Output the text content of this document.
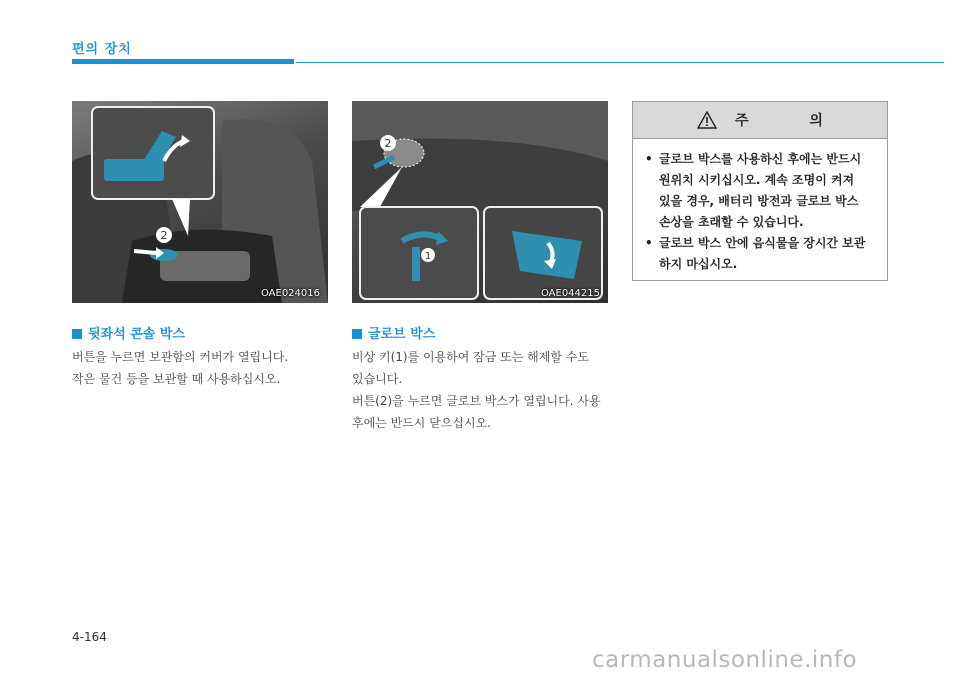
편의 장치
2
OAE024016
2
1
OAE044215
주 의
• 글로브 박스를 사용하신 후에는 반드시
원위치 시키십시오. 계속 조명이 켜져
있을 경우, 배터리 방전과 글로브 박스
손상을 초래할 수 있습니다.
• 글로브 박스 안에 음식물을 장시간 보관
하지 마십시오.
뒷좌석 콘솔 박스

버튼을 누르면 보관함의 커버가 열립니다.

작은 물건 등을 보관할 때 사용하십시오.

글로브 박스

비상 키(1)를 이용하여 잠금 또는 해제할 수도

있습니다.

버튼(2)을 누르면 글로브 박스가 열립니다. 사용

후에는 반드시 닫으십시오.

4-164
carmanualsonline.info
